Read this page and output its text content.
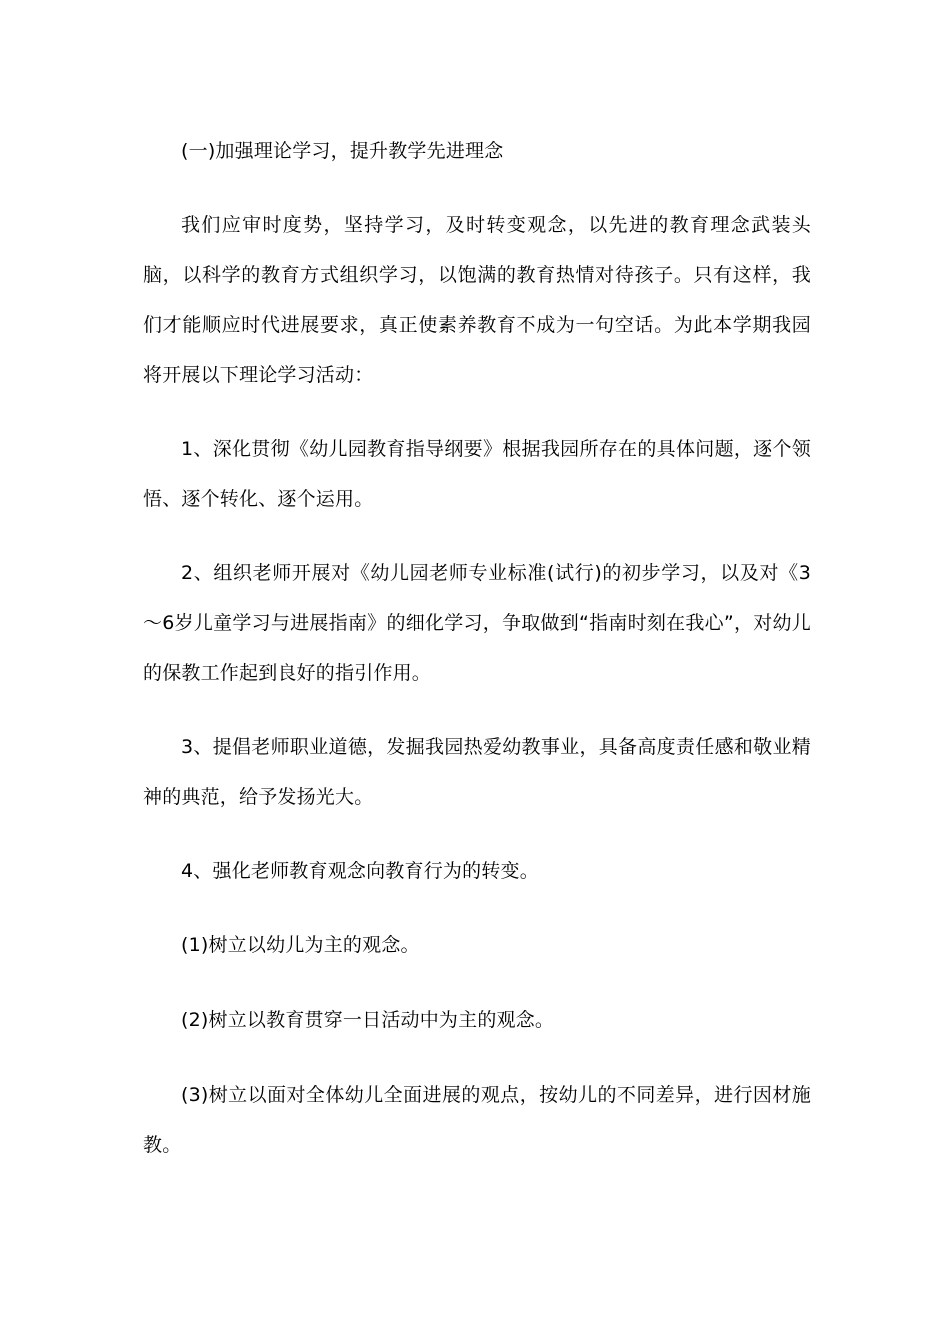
(一)加强理论学习，提升教学先进理念

我们应审时度势，坚持学习，及时转变观念，以先进的教育理念武装头脑，以科学的教育方式组织学习，以饱满的教育热情对待孩子。只有这样，我们才能顺应时代进展要求，真正使素养教育不成为一句空话。为此本学期我园将开展以下理论学习活动：

1、深化贯彻《幼儿园教育指导纲要》根据我园所存在的具体问题，逐个领悟、逐个转化、逐个运用。

2、组织老师开展对《幼儿园老师专业标准(试行)的初步学习，以及对《3～6岁儿童学习与进展指南》的细化学习，争取做到“指南时刻在我心”，对幼儿的保教工作起到良好的指引作用。

3、提倡老师职业道德，发掘我园热爱幼教事业，具备高度责任感和敬业精神的典范，给予发扬光大。

4、强化老师教育观念向教育行为的转变。

(1)树立以幼儿为主的观念。

(2)树立以教育贯穿一日活动中为主的观念。

(3)树立以面对全体幼儿全面进展的观点，按幼儿的不同差异，进行因材施教。
